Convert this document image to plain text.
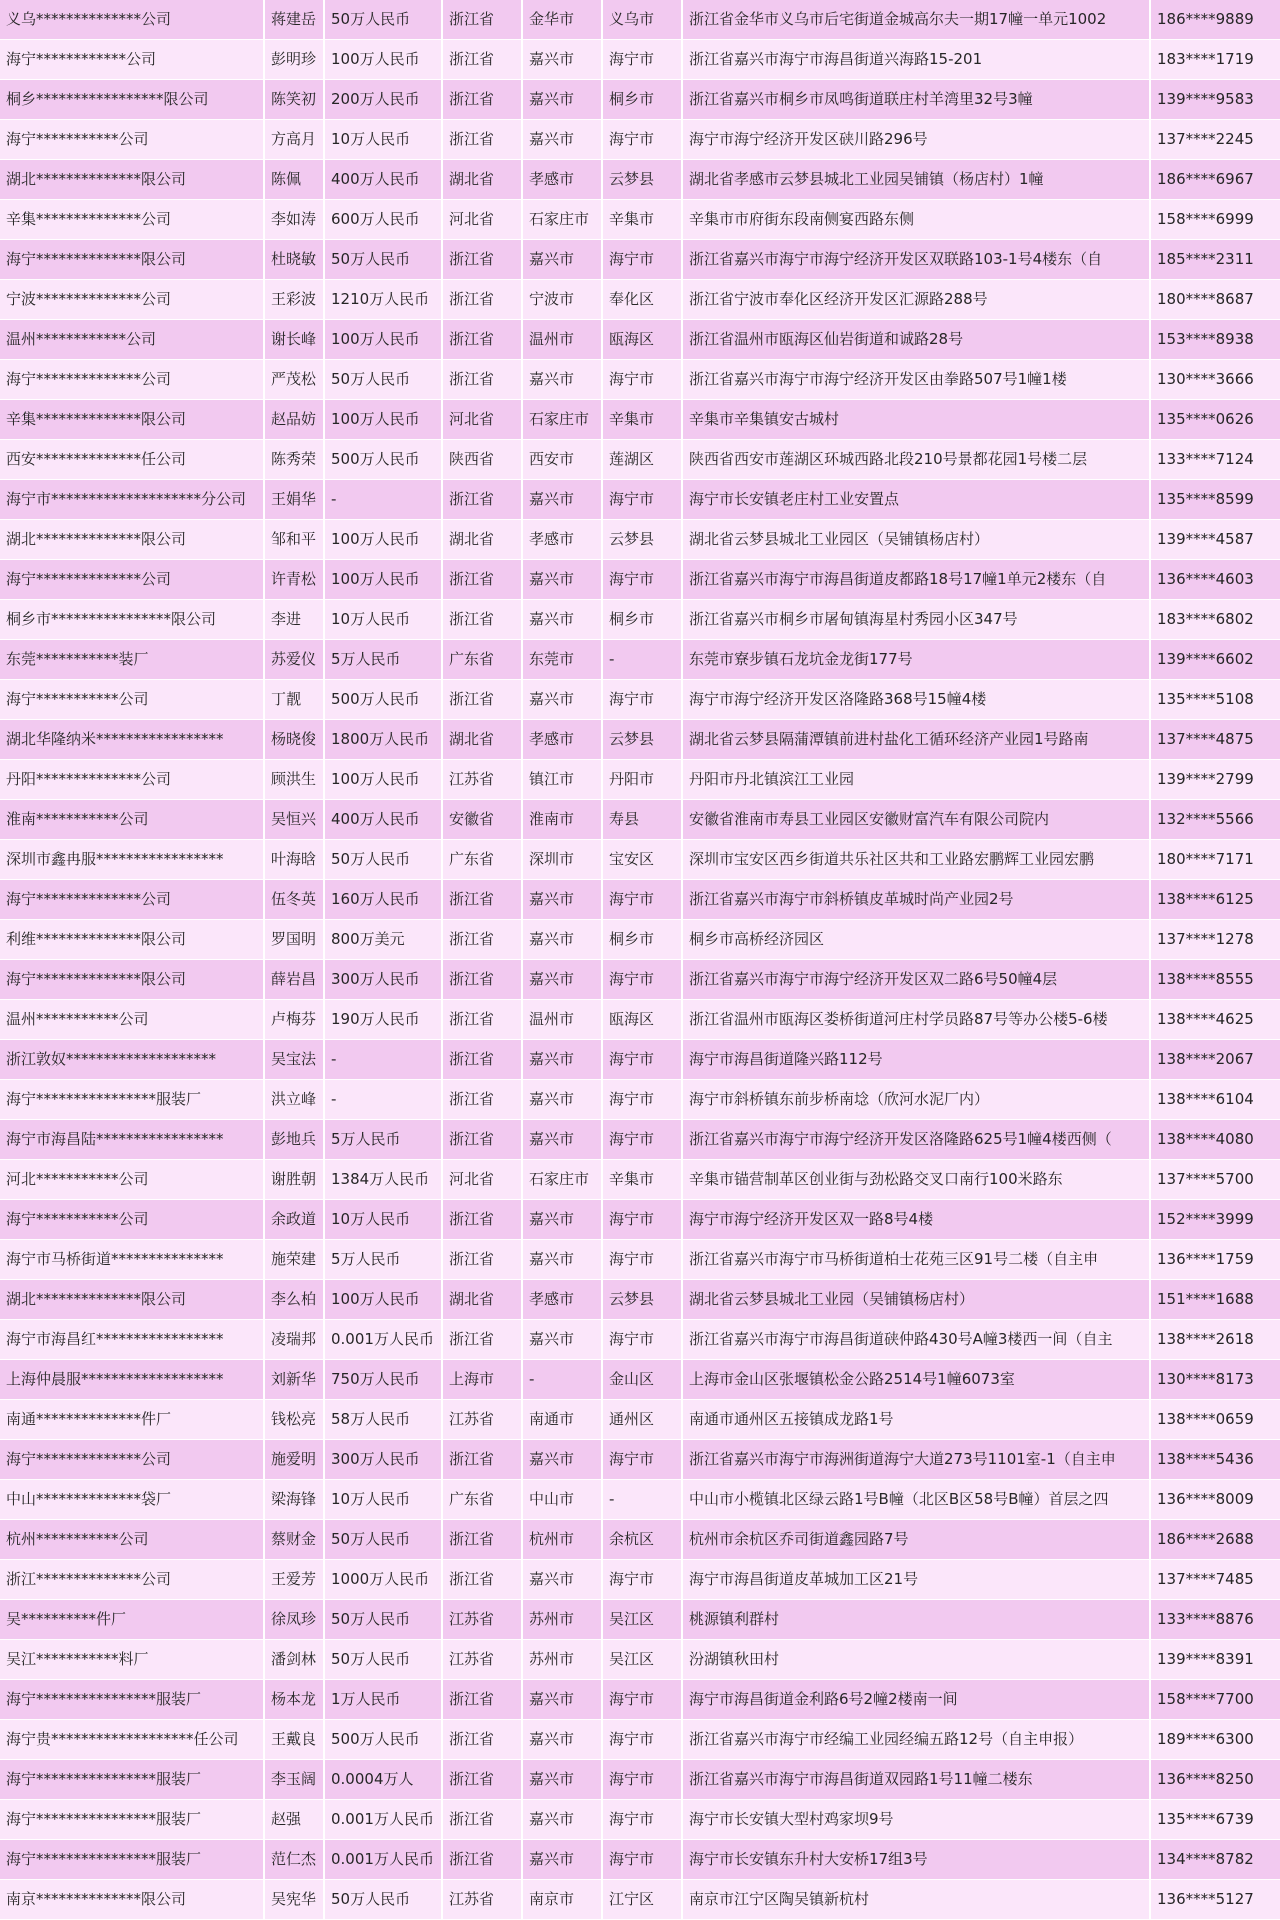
义乌**************公司	蒋建岳	50万人民币	浙江省	金华市	义乌市	浙江省金华市义乌市后宅街道金城高尔夫一期17幢一单元1002	186****9889
海宁************公司	彭明珍	100万人民币	浙江省	嘉兴市	海宁市	浙江省嘉兴市海宁市海昌街道兴海路15-201	183****1719
桐乡*****************限公司	陈笑初	200万人民币	浙江省	嘉兴市	桐乡市	浙江省嘉兴市桐乡市凤鸣街道联庄村羊湾里32号3幢	139****9583
海宁***********公司	方高月	10万人民币	浙江省	嘉兴市	海宁市	海宁市海宁经济开发区硖川路296号	137****2245
湖北**************限公司	陈佩	400万人民币	湖北省	孝感市	云梦县	湖北省孝感市云梦县城北工业园吴铺镇（杨店村）1幢	186****6967
辛集**************公司	李如涛	600万人民币	河北省	石家庄市	辛集市	辛集市市府街东段南侧宴西路东侧	158****6999
海宁**************限公司	杜晓敏	50万人民币	浙江省	嘉兴市	海宁市	浙江省嘉兴市海宁市海宁经济开发区双联路103-1号4楼东（自	185****2311
宁波**************公司	王彩波	1210万人民币	浙江省	宁波市	奉化区	浙江省宁波市奉化区经济开发区汇源路288号	180****8687
温州************公司	谢长峰	100万人民币	浙江省	温州市	瓯海区	浙江省温州市瓯海区仙岩街道和诚路28号	153****8938
海宁**************公司	严茂松	50万人民币	浙江省	嘉兴市	海宁市	浙江省嘉兴市海宁市海宁经济开发区由拳路507号1幢1楼	130****3666
辛集**************限公司	赵品妨	100万人民币	河北省	石家庄市	辛集市	辛集市辛集镇安古城村	135****0626
西安**************任公司	陈秀荣	500万人民币	陕西省	西安市	莲湖区	陕西省西安市莲湖区环城西路北段210号景都花园1号楼二层	133****7124
海宁市********************分公司	王娟华	-	浙江省	嘉兴市	海宁市	海宁市长安镇老庄村工业安置点	135****8599
湖北**************限公司	邹和平	100万人民币	湖北省	孝感市	云梦县	湖北省云梦县城北工业园区（吴铺镇杨店村）	139****4587
海宁**************公司	许青松	100万人民币	浙江省	嘉兴市	海宁市	浙江省嘉兴市海宁市海昌街道皮都路18号17幢1单元2楼东（自	136****4603
桐乡市****************限公司	李进	10万人民币	浙江省	嘉兴市	桐乡市	浙江省嘉兴市桐乡市屠甸镇海星村秀园小区347号	183****6802
东莞***********装厂	苏爱仪	5万人民币	广东省	东莞市	-	东莞市寮步镇石龙坑金龙街177号	139****6602
海宁***********公司	丁靓	500万人民币	浙江省	嘉兴市	海宁市	海宁市海宁经济开发区洛隆路368号15幢4楼	135****5108
湖北华隆纳米*****************	杨晓俊	1800万人民币	湖北省	孝感市	云梦县	湖北省云梦县隔蒲潭镇前进村盐化工循环经济产业园1号路南	137****4875
丹阳**************公司	顾洪生	100万人民币	江苏省	镇江市	丹阳市	丹阳市丹北镇滨江工业园	139****2799
淮南***********公司	吴恒兴	400万人民币	安徽省	淮南市	寿县	安徽省淮南市寿县工业园区安徽财富汽车有限公司院内	132****5566
深圳市鑫冉服*****************	叶海晗	50万人民币	广东省	深圳市	宝安区	深圳市宝安区西乡街道共乐社区共和工业路宏鹏辉工业园宏鹏	180****7171
海宁**************公司	伍冬英	160万人民币	浙江省	嘉兴市	海宁市	浙江省嘉兴市海宁市斜桥镇皮革城时尚产业园2号	138****6125
利维**************限公司	罗国明	800万美元	浙江省	嘉兴市	桐乡市	桐乡市高桥经济园区	137****1278
海宁**************限公司	薛岩昌	300万人民币	浙江省	嘉兴市	海宁市	浙江省嘉兴市海宁市海宁经济开发区双二路6号50幢4层	138****8555
温州***********公司	卢梅芬	190万人民币	浙江省	温州市	瓯海区	浙江省温州市瓯海区娄桥街道河庄村学员路87号等办公楼5-6楼	138****4625
浙江敦奴********************	吴宝法	-	浙江省	嘉兴市	海宁市	海宁市海昌街道隆兴路112号	138****2067
海宁****************服装厂	洪立峰	-	浙江省	嘉兴市	海宁市	海宁市斜桥镇东前步桥南埝（欣河水泥厂内）	138****6104
海宁市海昌陆*****************	彭地兵	5万人民币	浙江省	嘉兴市	海宁市	浙江省嘉兴市海宁市海宁经济开发区洛隆路625号1幢4楼西侧（	138****4080
河北***********公司	谢胜朝	1384万人民币	河北省	石家庄市	辛集市	辛集市锚营制革区创业街与劲松路交叉口南行100米路东	137****5700
海宁***********公司	余政道	10万人民币	浙江省	嘉兴市	海宁市	海宁市海宁经济开发区双一路8号4楼	152****3999
海宁市马桥街道***************	施荣建	5万人民币	浙江省	嘉兴市	海宁市	浙江省嘉兴市海宁市马桥街道柏士花苑三区91号二楼（自主申	136****1759
湖北**************限公司	李么柏	100万人民币	湖北省	孝感市	云梦县	湖北省云梦县城北工业园（吴铺镇杨店村）	151****1688
海宁市海昌红*****************	凌瑞邦	0.001万人民币	浙江省	嘉兴市	海宁市	浙江省嘉兴市海宁市海昌街道硖仲路430号A幢3楼西一间（自主	138****2618
上海仲晨服*******************	刘新华	750万人民币	上海市	-	金山区	上海市金山区张堰镇松金公路2514号1幢6073室	130****8173
南通**************件厂	钱松亮	58万人民币	江苏省	南通市	通州区	南通市通州区五接镇成龙路1号	138****0659
海宁**************公司	施爱明	300万人民币	浙江省	嘉兴市	海宁市	浙江省嘉兴市海宁市海洲街道海宁大道273号1101室-1（自主申	138****5436
中山**************袋厂	梁海锋	10万人民币	广东省	中山市	-	中山市小榄镇北区绿云路1号B幢（北区B区58号B幢）首层之四	136****8009
杭州***********公司	蔡财金	50万人民币	浙江省	杭州市	余杭区	杭州市余杭区乔司街道鑫园路7号	186****2688
浙江**************公司	王爱芳	1000万人民币	浙江省	嘉兴市	海宁市	海宁市海昌街道皮革城加工区21号	137****7485
吴**********件厂	徐凤珍	50万人民币	江苏省	苏州市	吴江区	桃源镇利群村	133****8876
吴江***********料厂	潘剑林	50万人民币	江苏省	苏州市	吴江区	汾湖镇秋田村	139****8391
海宁****************服装厂	杨本龙	1万人民币	浙江省	嘉兴市	海宁市	海宁市海昌街道金利路6号2幢2楼南一间	158****7700
海宁贵*******************任公司	王戴良	500万人民币	浙江省	嘉兴市	海宁市	浙江省嘉兴市海宁市经编工业园经编五路12号（自主申报）	189****6300
海宁****************服装厂	李玉阔	0.0004万人	浙江省	嘉兴市	海宁市	浙江省嘉兴市海宁市海昌街道双园路1号11幢二楼东	136****8250
海宁****************服装厂	赵强	0.001万人民币	浙江省	嘉兴市	海宁市	海宁市长安镇大型村鸡家坝9号	135****6739
海宁****************服装厂	范仁杰	0.001万人民币	浙江省	嘉兴市	海宁市	海宁市长安镇东升村大安桥17组3号	134****8782
南京**************限公司	吴宪华	50万人民币	江苏省	南京市	江宁区	南京市江宁区陶吴镇新杭村	136****5127
